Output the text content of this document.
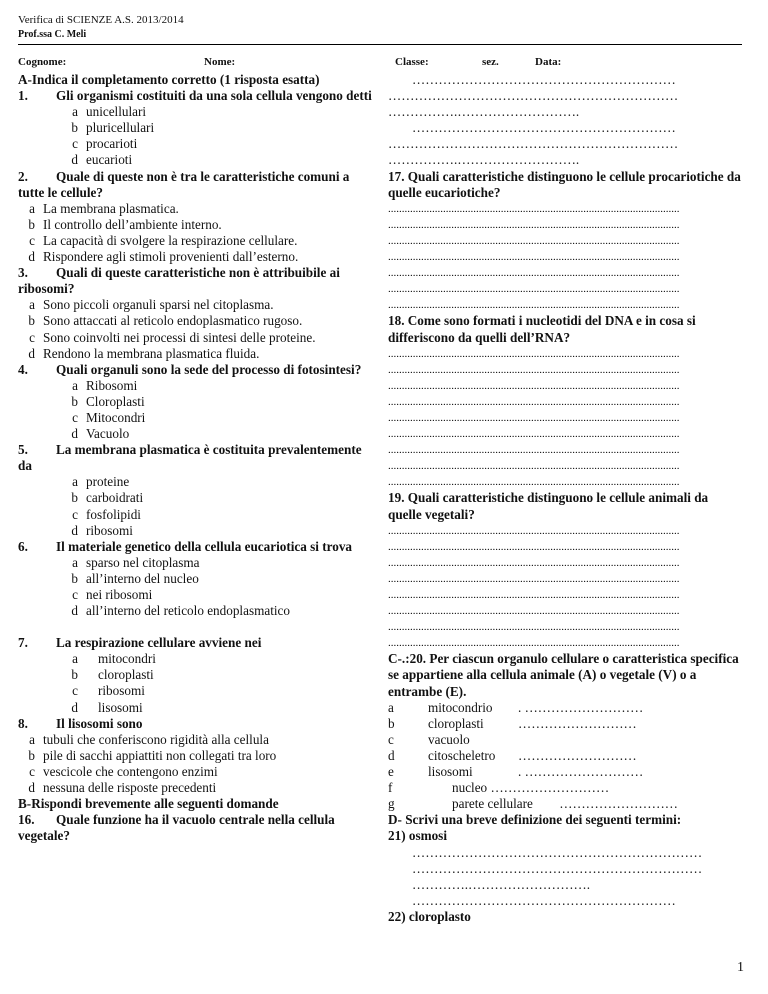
Verifica di SCIENZE A.S. 2013/2014
Prof.ssa C. Meli
Cognome:	Nome:	Classe:	sez.	Data:
A-Indica il completamento corretto (1 risposta esatta)
1. Gli organismi costituiti da una sola cellula vengono detti
a unicellulari
b pluricellulari
c procarioti
d eucarioti
2. Quale di queste non è tra le caratteristiche comuni a tutte le cellule?
a La membrana plasmatica.
b Il controllo dell’ambiente interno.
c La capacità di svolgere la respirazione cellulare.
d Rispondere agli stimoli provenienti dall’esterno.
3. Quali di queste caratteristiche non è attribuibile ai ribosomi?
a Sono piccoli organuli sparsi nel citoplasma.
b Sono attaccati al reticolo endoplasmatico rugoso.
c Sono coinvolti nei processi di sintesi delle proteine.
d Rendono la membrana plasmatica fluida.
4. Quali organuli sono la sede del processo di fotosintesi?
a Ribosomi
b Cloroplasti
c Mitocondri
d Vacuolo
5. La membrana plasmatica è costituita prevalentemente da
a proteine
b carboidrati
c fosfolipidi
d ribosomi
6. Il materiale genetico della cellula eucariotica si trova
a sparso nel citoplasma
b all’interno del nucleo
c nei ribosomi
d all’interno del reticolo endoplasmatico
7. La respirazione cellulare avviene nei
a	mitocondri
b	cloroplasti
c	ribosomi
d	lisosomi
8. Il lisosomi sono
a tubuli che conferiscono rigidità alla cellula
b pile di sacchi appiattiti non collegati tra loro
c vescicole che contengono enzimi
d nessuna delle risposte precedenti
B-Rispondi brevemente alle seguenti domande
16. Quale funzione ha il vacuolo centrale nella cellula vegetale?
……………………………………………………
…………………………………………………………
…………….……………………….
……………………………………………………
…………………………………………………………
…………….……………………….
17. Quali caratteristiche distinguono le cellule procariotiche da quelle eucariotiche?
..........................................................................................................
..........................................................................................................
..........................................................................................................
..........................................................................................................
..........................................................................................................
..........................................................................................................
..........................................................................................................
18. Come sono formati i nucleotidi del DNA e in cosa si differiscono da quelli dell’RNA?
..........................................................................................................
..........................................................................................................
..........................................................................................................
..........................................................................................................
..........................................................................................................
..........................................................................................................
..........................................................................................................
..........................................................................................................
..........................................................................................................
19. Quali caratteristiche distinguono le cellule animali da quelle vegetali?
..........................................................................................................
..........................................................................................................
..........................................................................................................
..........................................................................................................
..........................................................................................................
..........................................................................................................
..........................................................................................................
..........................................................................................................
C-.:20. Per ciascun organulo cellulare o caratteristica specifica se appartiene alla cellula animale (A) o vegetale (V) o a entrambe (E).
a	mitocondrio	. ………………………
b	cloroplasti	………………………
c	vacuolo
d	citoscheletro	………………………
e	lisosomi	. ………………………
f	nucleo ………………………
g	parete cellulare ………………………
D- Scrivi una breve definizione dei seguenti termini:
21) osmosi
…………………………………………………………
…………………………………………………………
………….……………………….
……………………………………………………
22) cloroplasto
1
